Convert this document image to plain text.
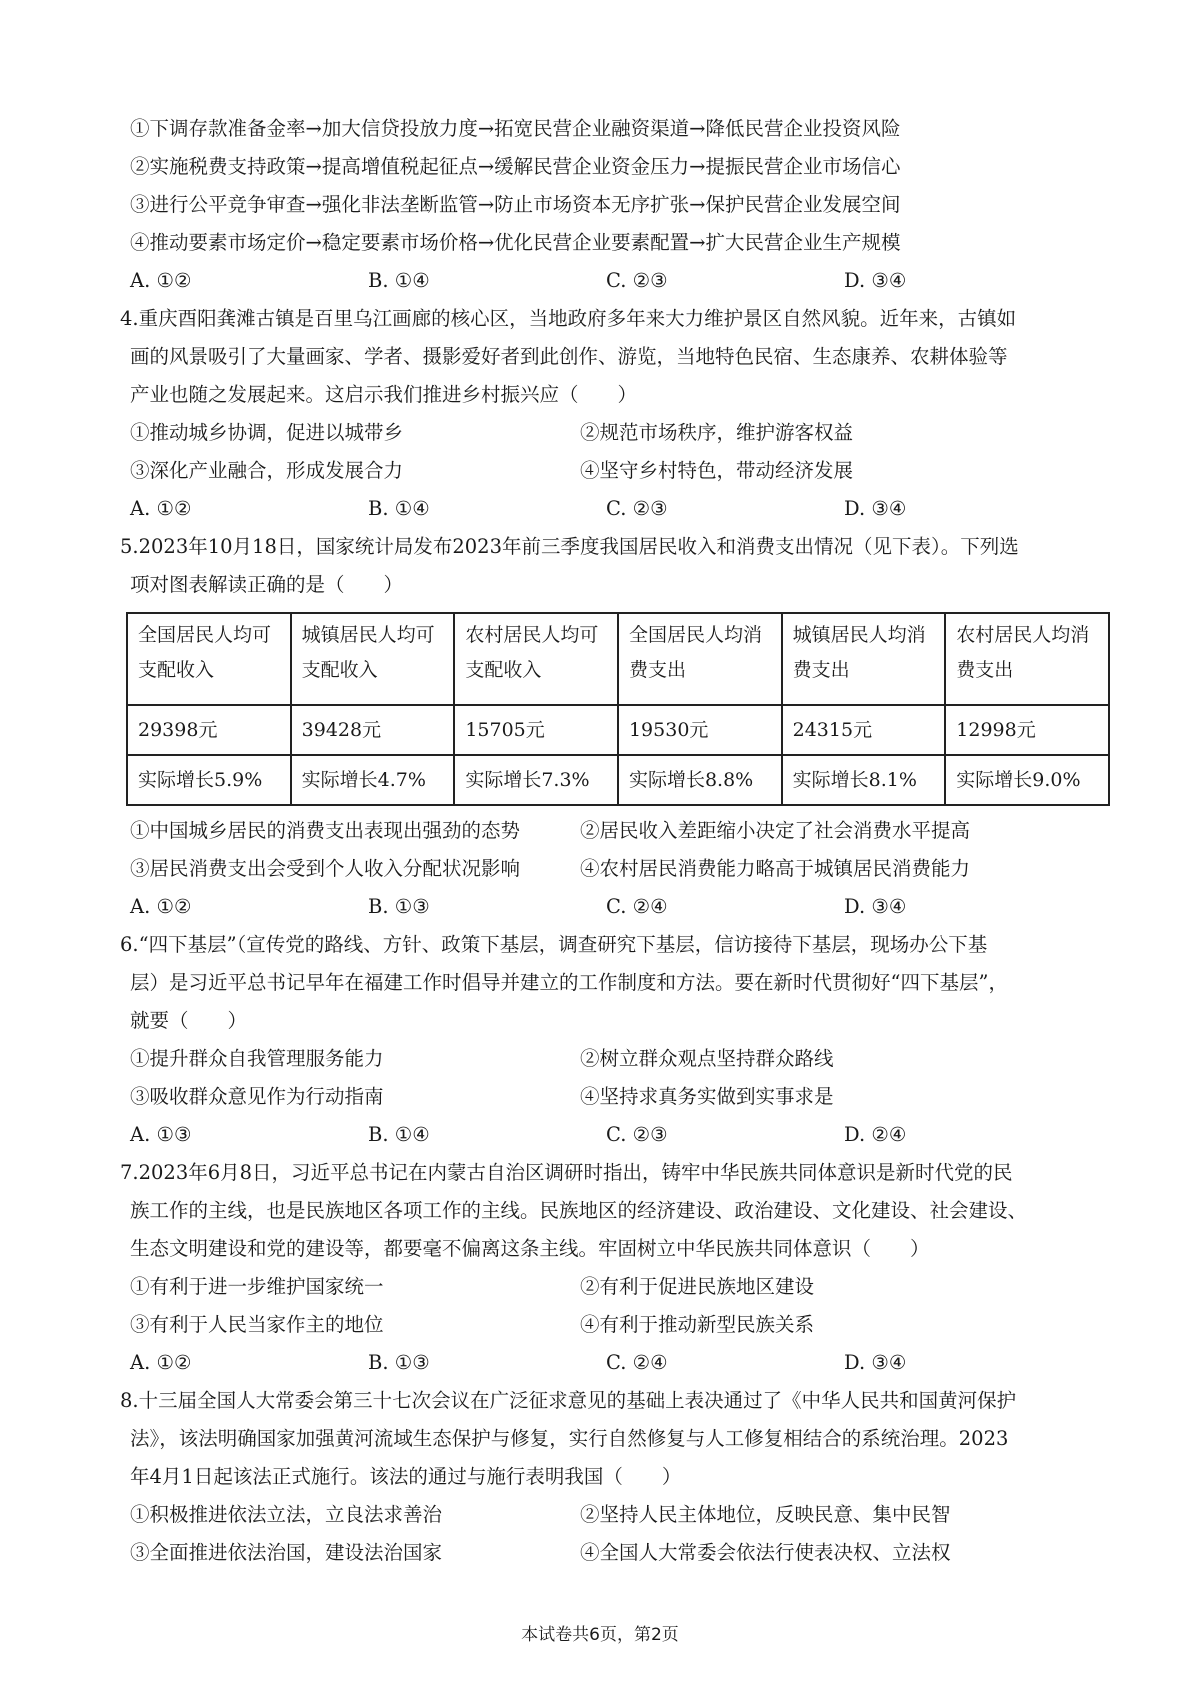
①下调存款准备金率→加大信贷投放力度→拓宽民营企业融资渠道→降低民营企业投资风险
②实施税费支持政策→提高增值税起征点→缓解民营企业资金压力→提振民营企业市场信心
③进行公平竞争审查→强化非法垄断监管→防止市场资本无序扩张→保护民营企业发展空间
④推动要素市场定价→稳定要素市场价格→优化民营企业要素配置→扩大民营企业生产规模
A. ①②	B. ①④	C. ②③	D. ③④
4.重庆酉阳龚滩古镇是百里乌江画廊的核心区，当地政府多年来大力维护景区自然风貌。近年来，古镇如
画的风景吸引了大量画家、学者、摄影爱好者到此创作、游览，当地特色民宿、生态康养、农耕体验等
产业也随之发展起来。这启示我们推进乡村振兴应（　　）
①推动城乡协调，促进以城带乡	②规范市场秩序，维护游客权益
③深化产业融合，形成发展合力	④坚守乡村特色，带动经济发展
A. ①②	B. ①④	C. ②③	D. ③④
5.2023年10月18日，国家统计局发布2023年前三季度我国居民收入和消费支出情况（见下表）。下列选
项对图表解读正确的是（　　）
全国居民人均可支配收入	城镇居民人均可支配收入	农村居民人均可支配收入	全国居民人均消费支出	城镇居民人均消费支出	农村居民人均消费支出
29398元	39428元	15705元	19530元	24315元	12998元
实际增长5.9%	实际增长4.7%	实际增长7.3%	实际增长8.8%	实际增长8.1%	实际增长9.0%
①中国城乡居民的消费支出表现出强劲的态势	②居民收入差距缩小决定了社会消费水平提高
③居民消费支出会受到个人收入分配状况影响	④农村居民消费能力略高于城镇居民消费能力
A. ①②	B. ①③	C. ②④	D. ③④
6.“四下基层”（宣传党的路线、方针、政策下基层，调查研究下基层，信访接待下基层，现场办公下基
层）是习近平总书记早年在福建工作时倡导并建立的工作制度和方法。要在新时代贯彻好“四下基层”，
就要（　　）
①提升群众自我管理服务能力	②树立群众观点坚持群众路线
③吸收群众意见作为行动指南	④坚持求真务实做到实事求是
A. ①③	B. ①④	C. ②③	D. ②④
7.2023年6月8日，习近平总书记在内蒙古自治区调研时指出，铸牢中华民族共同体意识是新时代党的民
族工作的主线，也是民族地区各项工作的主线。民族地区的经济建设、政治建设、文化建设、社会建设、
生态文明建设和党的建设等，都要毫不偏离这条主线。牢固树立中华民族共同体意识（　　）
①有利于进一步维护国家统一	②有利于促进民族地区建设
③有利于人民当家作主的地位	④有利于推动新型民族关系
A. ①②	B. ①③	C. ②④	D. ③④
8.十三届全国人大常委会第三十七次会议在广泛征求意见的基础上表决通过了《中华人民共和国黄河保护
法》，该法明确国家加强黄河流域生态保护与修复，实行自然修复与人工修复相结合的系统治理。2023
年4月1日起该法正式施行。该法的通过与施行表明我国（　　）
①积极推进依法立法，立良法求善治	②坚持人民主体地位，反映民意、集中民智
③全面推进依法治国，建设法治国家	④全国人大常委会依法行使表决权、立法权
本试卷共6页，第2页
